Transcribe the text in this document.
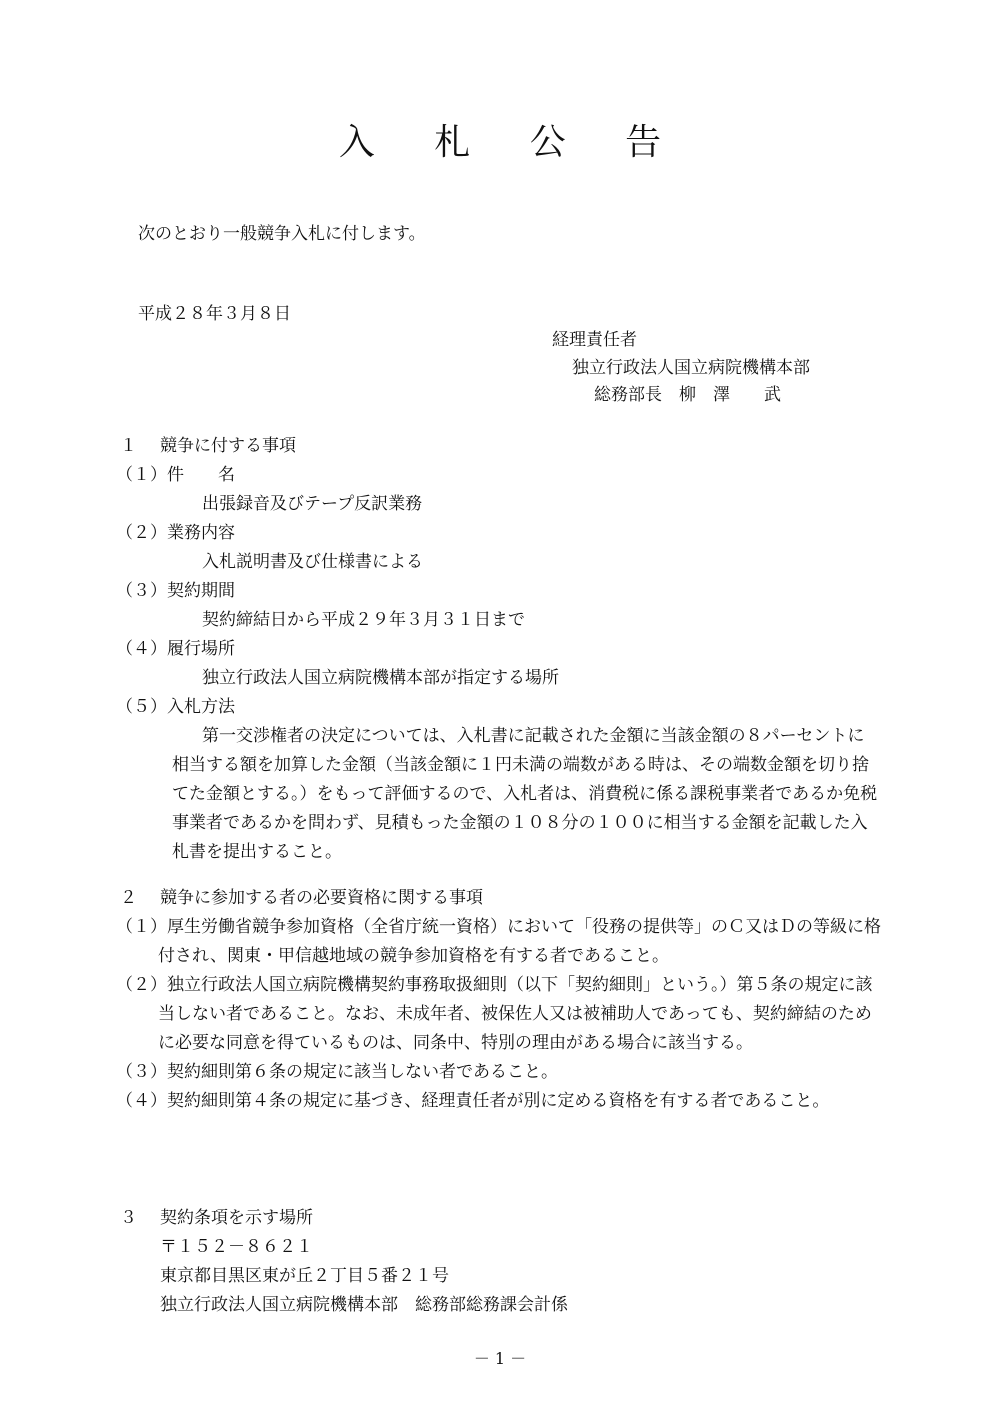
入 札 公 告
次のとおり一般競争入札に付します。
平成２８年３月８日
経理責任者
独立行政法人国立病院機構本部
総務部長 柳　澤　　武
１ 競争に付する事項
（１）件　　名
出張録音及びテープ反訳業務
（２）業務内容
入札説明書及び仕様書による
（３）契約期間
契約締結日から平成２９年３月３１日まで
（４）履行場所
独立行政法人国立病院機構本部が指定する場所
（５）入札方法
第一交渉権者の決定については、入札書に記載された金額に当該金額の８パーセントに相当する額を加算した金額（当該金額に１円未満の端数がある時は、その端数金額を切り捨てた金額とする。）をもって評価するので、入札者は、消費税に係る課税事業者であるか免税事業者であるかを問わず、見積もった金額の１０８分の１００に相当する金額を記載した入札書を提出すること。
２ 競争に参加する者の必要資格に関する事項
（１）厚生労働省競争参加資格（全省庁統一資格）において「役務の提供等」のＣ又はＤの等級に格付され、関東・甲信越地域の競争参加資格を有する者であること。
（２）独立行政法人国立病院機構契約事務取扱細則（以下「契約細則」という。）第５条の規定に該当しない者であること。なお、未成年者、被保佐人又は被補助人であっても、契約締結のために必要な同意を得ているものは、同条中、特別の理由がある場合に該当する。
（３）契約細則第６条の規定に該当しない者であること。
（４）契約細則第４条の規定に基づき、経理責任者が別に定める資格を有する者であること。
３ 契約条項を示す場所
〒１５２－８６２１
東京都目黒区東が丘２丁目５番２１号
独立行政法人国立病院機構本部　総務部総務課会計係
－ 1 －
